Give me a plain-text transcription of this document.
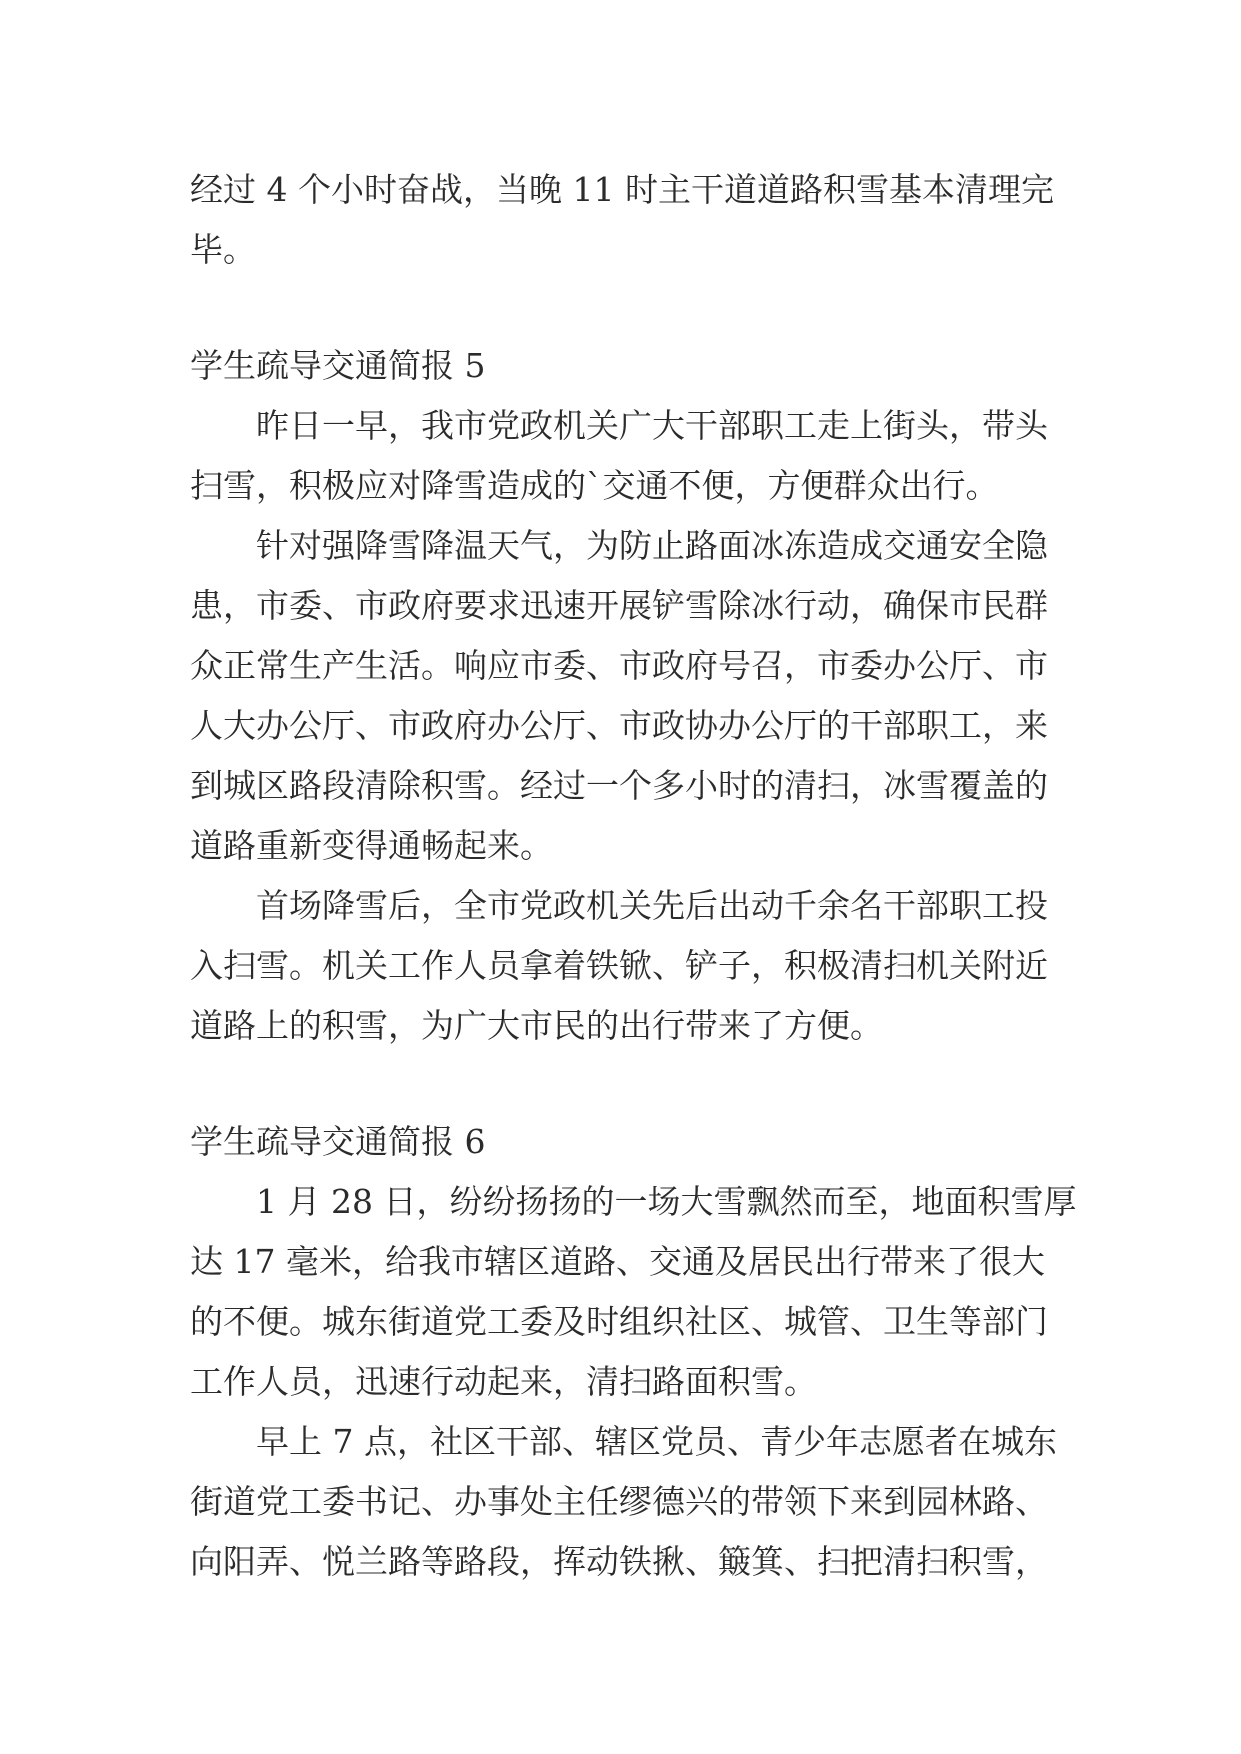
经过 4 个小时奋战，当晚 11 时主干道道路积雪基本清理完
毕。
学生疏导交通简报 5
昨日一早，我市党政机关广大干部职工走上街头，带头
扫雪，积极应对降雪造成的`交通不便，方便群众出行。
针对强降雪降温天气，为防止路面冰冻造成交通安全隐
患，市委、市政府要求迅速开展铲雪除冰行动，确保市民群
众正常生产生活。响应市委、市政府号召，市委办公厅、市
人大办公厅、市政府办公厅、市政协办公厅的干部职工，来
到城区路段清除积雪。经过一个多小时的清扫，冰雪覆盖的
道路重新变得通畅起来。
首场降雪后，全市党政机关先后出动千余名干部职工投
入扫雪。机关工作人员拿着铁锨、铲子，积极清扫机关附近
道路上的积雪，为广大市民的出行带来了方便。
学生疏导交通简报 6
1 月 28 日，纷纷扬扬的一场大雪飘然而至，地面积雪厚
达 17 毫米，给我市辖区道路、交通及居民出行带来了很大
的不便。城东街道党工委及时组织社区、城管、卫生等部门
工作人员，迅速行动起来，清扫路面积雪。
早上 7 点，社区干部、辖区党员、青少年志愿者在城东
街道党工委书记、办事处主任缪德兴的带领下来到园林路、
向阳弄、悦兰路等路段，挥动铁揪、簸箕、扫把清扫积雪，
